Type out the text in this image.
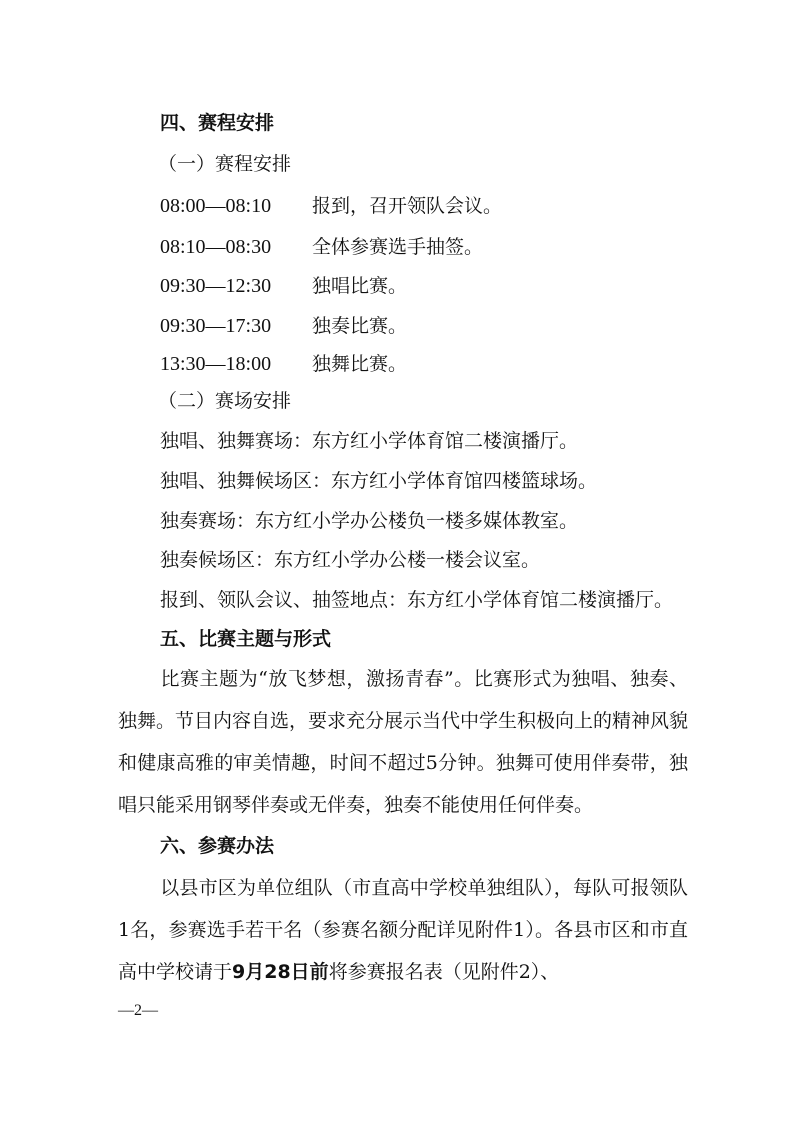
四、赛程安排
（一）赛程安排
08:00—08:10 报到，召开领队会议。
08:10—08:30 全体参赛选手抽签。
09:30—12:30 独唱比赛。
09:30—17:30 独奏比赛。
13:30—18:00 独舞比赛。
（二）赛场安排
独唱、独舞赛场：东方红小学体育馆二楼演播厅。
独唱、独舞候场区：东方红小学体育馆四楼篮球场。
独奏赛场：东方红小学办公楼负一楼多媒体教室。
独奏候场区：东方红小学办公楼一楼会议室。
报到、领队会议、抽签地点：东方红小学体育馆二楼演播厅。
五、比赛主题与形式
比赛主题为“放飞梦想，激扬青春”。比赛形式为独唱、独奏、独舞。节目内容自选，要求充分展示当代中学生积极向上的精神风貌和健康高雅的审美情趣，时间不超过5分钟。独舞可使用伴奏带，独唱只能采用钢琴伴奏或无伴奏，独奏不能使用任何伴奏。
六、参赛办法
以县市区为单位组队（市直高中学校单独组队），每队可报领队1名，参赛选手若干名（参赛名额分配详见附件1）。各县市区和市直高中学校请于9月28日前将参赛报名表（见附件2）、
—2—
